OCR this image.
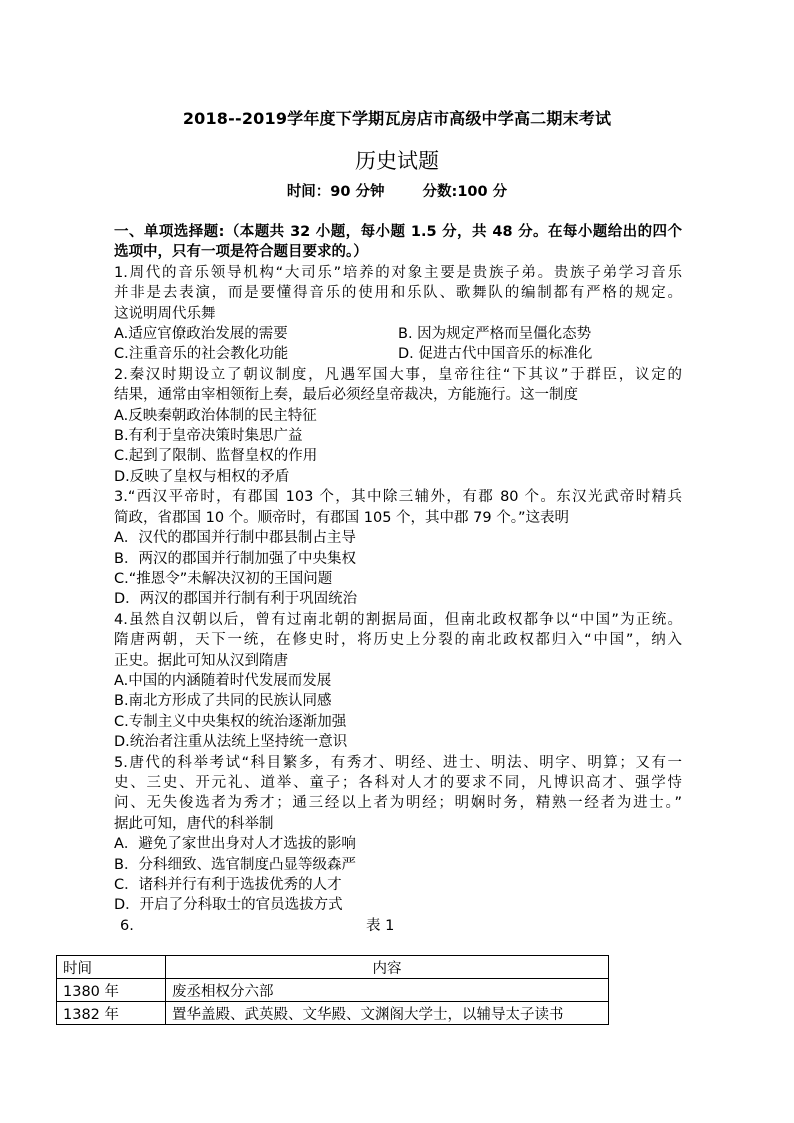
2018--2019学年度下学期瓦房店市高级中学高二期末考试
历史试题
时间：90 分钟	分数:100 分
一、单项选择题:（本题共 32 小题，每小题 1.5 分，共 48 分。在每小题给出的四个
选项中，只有一项是符合题目要求的。）
1.周代的音乐领导机构“大司乐”培养的对象主要是贵族子弟。贵族子弟学习音乐
并非是去表演，而是要懂得音乐的使用和乐队、歌舞队的编制都有严格的规定。
这说明周代乐舞
A.适应官僚政治发展的需要	B. 因为规定严格而呈僵化态势
C.注重音乐的社会教化功能	D. 促进古代中国音乐的标准化
2.秦汉时期设立了朝议制度，凡遇军国大事，皇帝往往“下其议”于群臣，议定的
结果，通常由宰相领衔上奏，最后必须经皇帝裁决，方能施行。这一制度
A.反映秦朝政治体制的民主特征
B.有利于皇帝决策时集思广益
C.起到了限制、监督皇权的作用
D.反映了皇权与相权的矛盾
3.“西汉平帝时，有郡国 103 个，其中除三辅外，有郡 80 个。东汉光武帝时精兵
简政，省郡国 10 个。顺帝时，有郡国 105 个，其中郡 79 个。”这表明
A．汉代的郡国并行制中郡县制占主导
B．两汉的郡国并行制加强了中央集权
C.“推恩令”未解决汉初的王国问题
D．两汉的郡国并行制有利于巩固统治
4.虽然自汉朝以后，曾有过南北朝的割据局面，但南北政权都争以“中国”为正统。
隋唐两朝，天下一统，在修史时，将历史上分裂的南北政权都归入“中国”，纳入
正史。据此可知从汉到隋唐
A.中国的内涵随着时代发展而发展
B.南北方形成了共同的民族认同感
C.专制主义中央集权的统治逐渐加强
D.统治者注重从法统上坚持统一意识
5.唐代的科举考试“科目繁多，有秀才、明经、进士、明法、明字、明算；又有一
史、三史、开元礼、道举、童子；各科对人才的要求不同，凡博识高才、强学恃
问、无失俊选者为秀才；通三经以上者为明经；明娴时务，精熟一经者为进士。”
据此可知，唐代的科举制
A．避免了家世出身对人才选拔的影响
B．分科细致、选官制度凸显等级森严
C．诸科并行有利于选拔优秀的人才
D．开启了分科取士的官员选拔方式
6.	表 1
时间	内容
1380 年	废丞相权分六部
1382 年	置华盖殿、武英殿、文华殿、文渊阁大学士，以辅导太子读书
